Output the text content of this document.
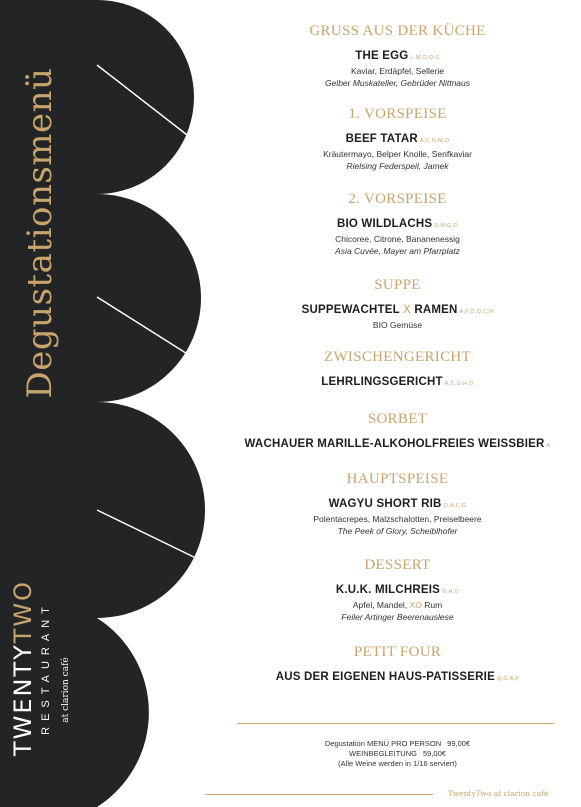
Degustationsmenü
TWENTYTWO RESTAURANT at clarion café
GRUSS AUS DER KÜCHE
THE EGG L,M,O,Q,G
Kaviar, Erdäpfel, Sellerie
Gelber Muskateller, Gebrüder Nittnaus
1. VORSPEISE
BEEF TATAR A,C,G,M,O
Kräutermayo, Belper Knolle, Senfkaviar
Rielsing Federspeil, Jamek
2. VORSPEISE
BIO WILDLACHS D,M,G,O
Chicoree, Citrone, Bananenessig
Asia Cuvée, Mayer am Pfarrplatz
SUPPE
SUPPEWACHTEL X RAMEN A,F,O,Q,C,N
BIO Gemüse
ZWISCHENGERICHT
LEHRLINGSGERICHT A,C,G,H,O
SORBET
WACHAUER MARILLE-ALKOHOLFREIES WEISSBIER A
HAUPTSPEISE
WAGYU SHORT RIB O,A,C,G
Polentacrepes, Malzschalotten, Preiselbeere
The Peek of Glory, Scheiblhofer
DESSERT
K.U.K. MILCHREIS G,H,O
Apfel, Mandel, XO Rum
Feiler Artinger Beerenauslese
PETIT FOUR
AUS DER EIGENEN HAUS-PATISSERIE Q,G,A,F
Degustation MENÜ PRO PERSON 99,00€
WEINBEGLEITUNG 59,00€
(Alle Weine werden in 1/16 serviert)
TwentyTwo at clarion café
